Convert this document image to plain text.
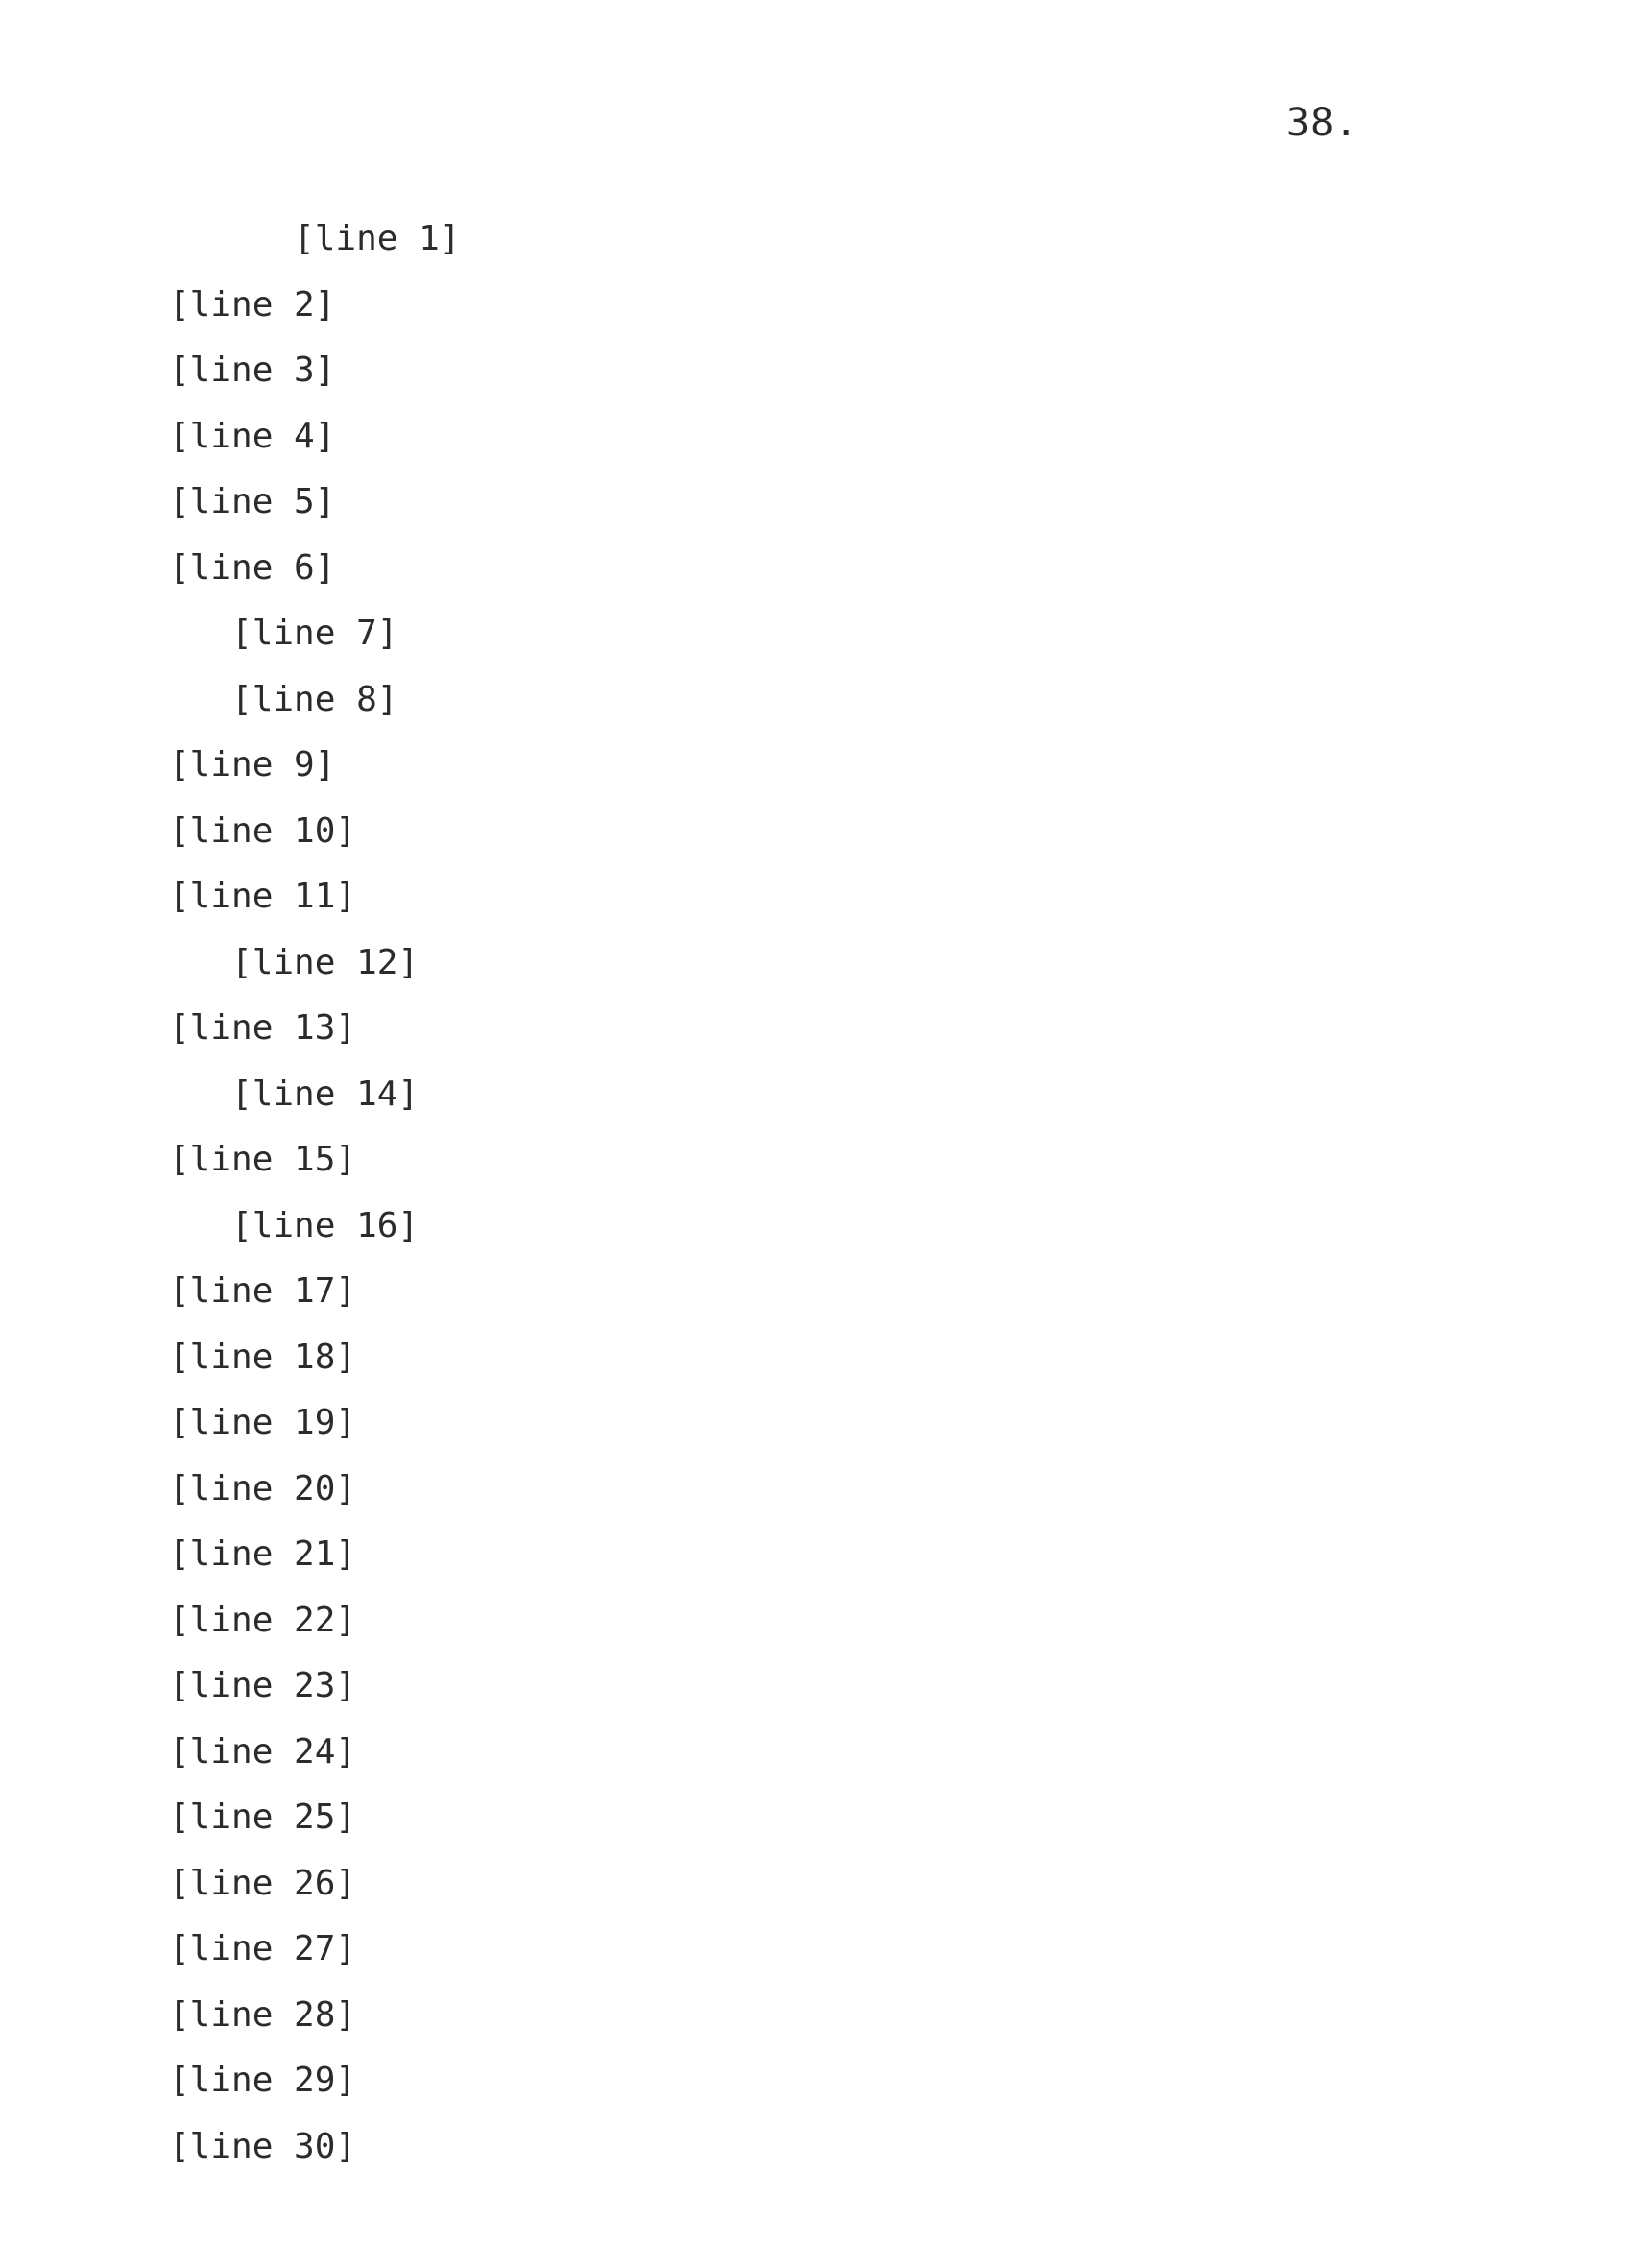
38.
[line 1]
[line 2]
[line 3]
[line 4]
[line 5]
[line 6]
[line 7]
[line 8]
[line 9]
[line 10]
[line 11]
[line 12]
[line 13]
[line 14]
[line 15]
[line 16]
[line 17]
[line 18]
[line 19]
[line 20]
[line 21]
[line 22]
[line 23]
[line 24]
[line 25]
[line 26]
[line 27]
[line 28]
[line 29]
[line 30]
